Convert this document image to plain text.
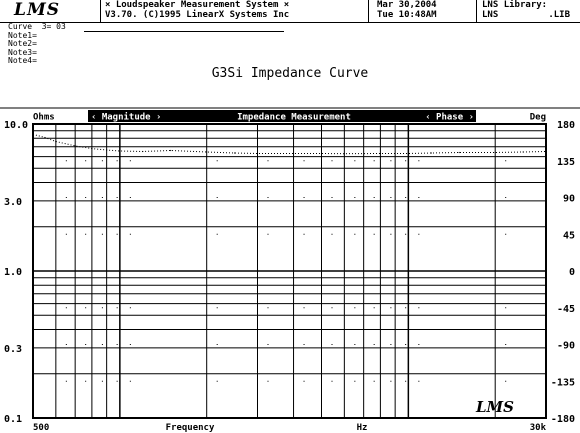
LMS	× Loudspeaker Measurement System ×
V3.70. (C)1995 LinearX Systems Inc
Mar 30,2004
Tue 10:48AM
LNS Library:
LNS	.LIB
Curve  3= 03
Note1=
Note2=
Note3=
Note4=
G3Si Impedance Curve
‹ Magnitude ›	Impedance Measurement	‹ Phase ›
Ohms	Deg
10.0
3.0
1.0
0.3
0.1
180
135
90
45
0
-45
-90
-135
-180
500	30k
Frequency	Hz
LMS
